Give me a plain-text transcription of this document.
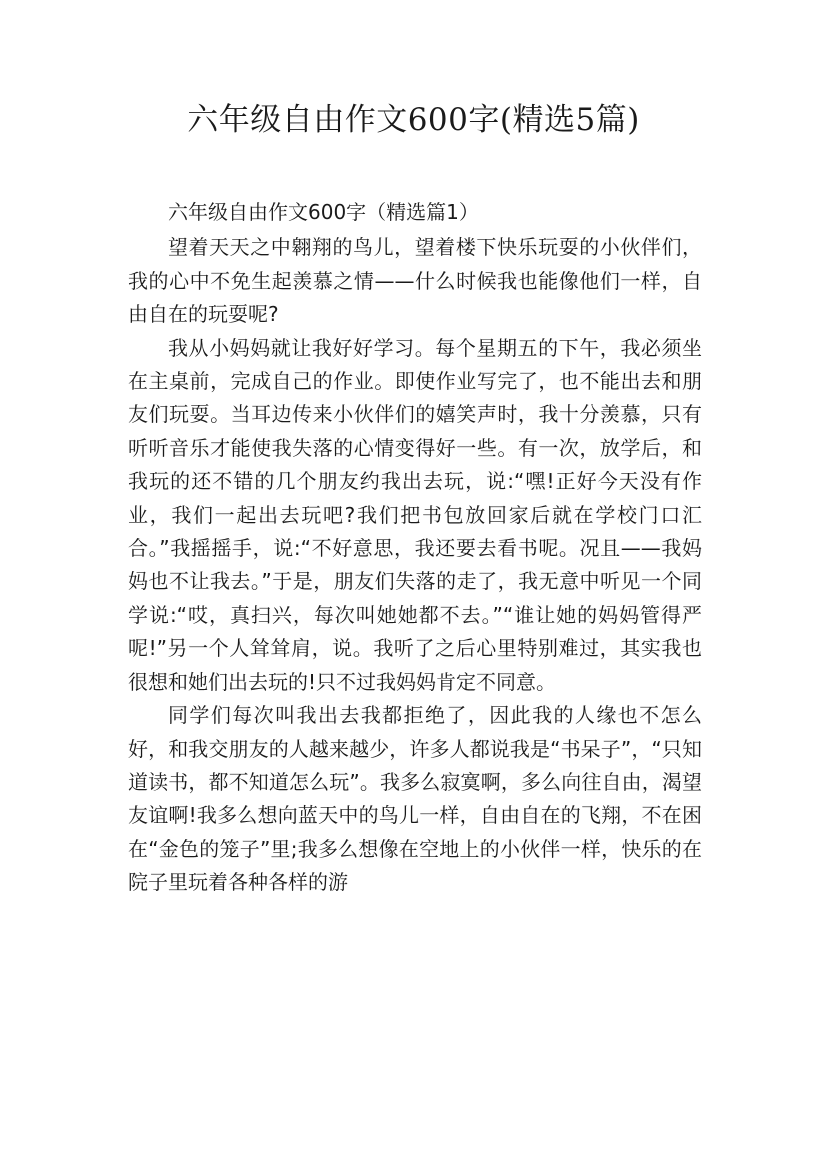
六年级自由作文600字(精选5篇)

六年级自由作文600字（精选篇1）

望着天天之中翱翔的鸟儿，望着楼下快乐玩耍的小伙伴们，我的心中不免生起羡慕之情——什么时候我也能像他们一样，自由自在的玩耍呢?

我从小妈妈就让我好好学习。每个星期五的下午，我必须坐在主桌前，完成自己的作业。即使作业写完了，也不能出去和朋友们玩耍。当耳边传来小伙伴们的嬉笑声时，我十分羡慕，只有听听音乐才能使我失落的心情变得好一些。有一次，放学后，和我玩的还不错的几个朋友约我出去玩，说:“嘿!正好今天没有作业，我们一起出去玩吧?我们把书包放回家后就在学校门口汇合。”我摇摇手，说:“不好意思，我还要去看书呢。况且——我妈妈也不让我去。”于是，朋友们失落的走了，我无意中听见一个同学说:“哎，真扫兴，每次叫她她都不去。”“谁让她的妈妈管得严呢!”另一个人耸耸肩，说。我听了之后心里特别难过，其实我也很想和她们出去玩的!只不过我妈妈肯定不同意。

同学们每次叫我出去我都拒绝了，因此我的人缘也不怎么好，和我交朋友的人越来越少，许多人都说我是“书呆子”，“只知道读书，都不知道怎么玩”。我多么寂寞啊，多么向往自由，渴望友谊啊!我多么想向蓝天中的鸟儿一样，自由自在的飞翔，不在困在“金色的笼子”里;我多么想像在空地上的小伙伴一样，快乐的在院子里玩着各种各样的游
